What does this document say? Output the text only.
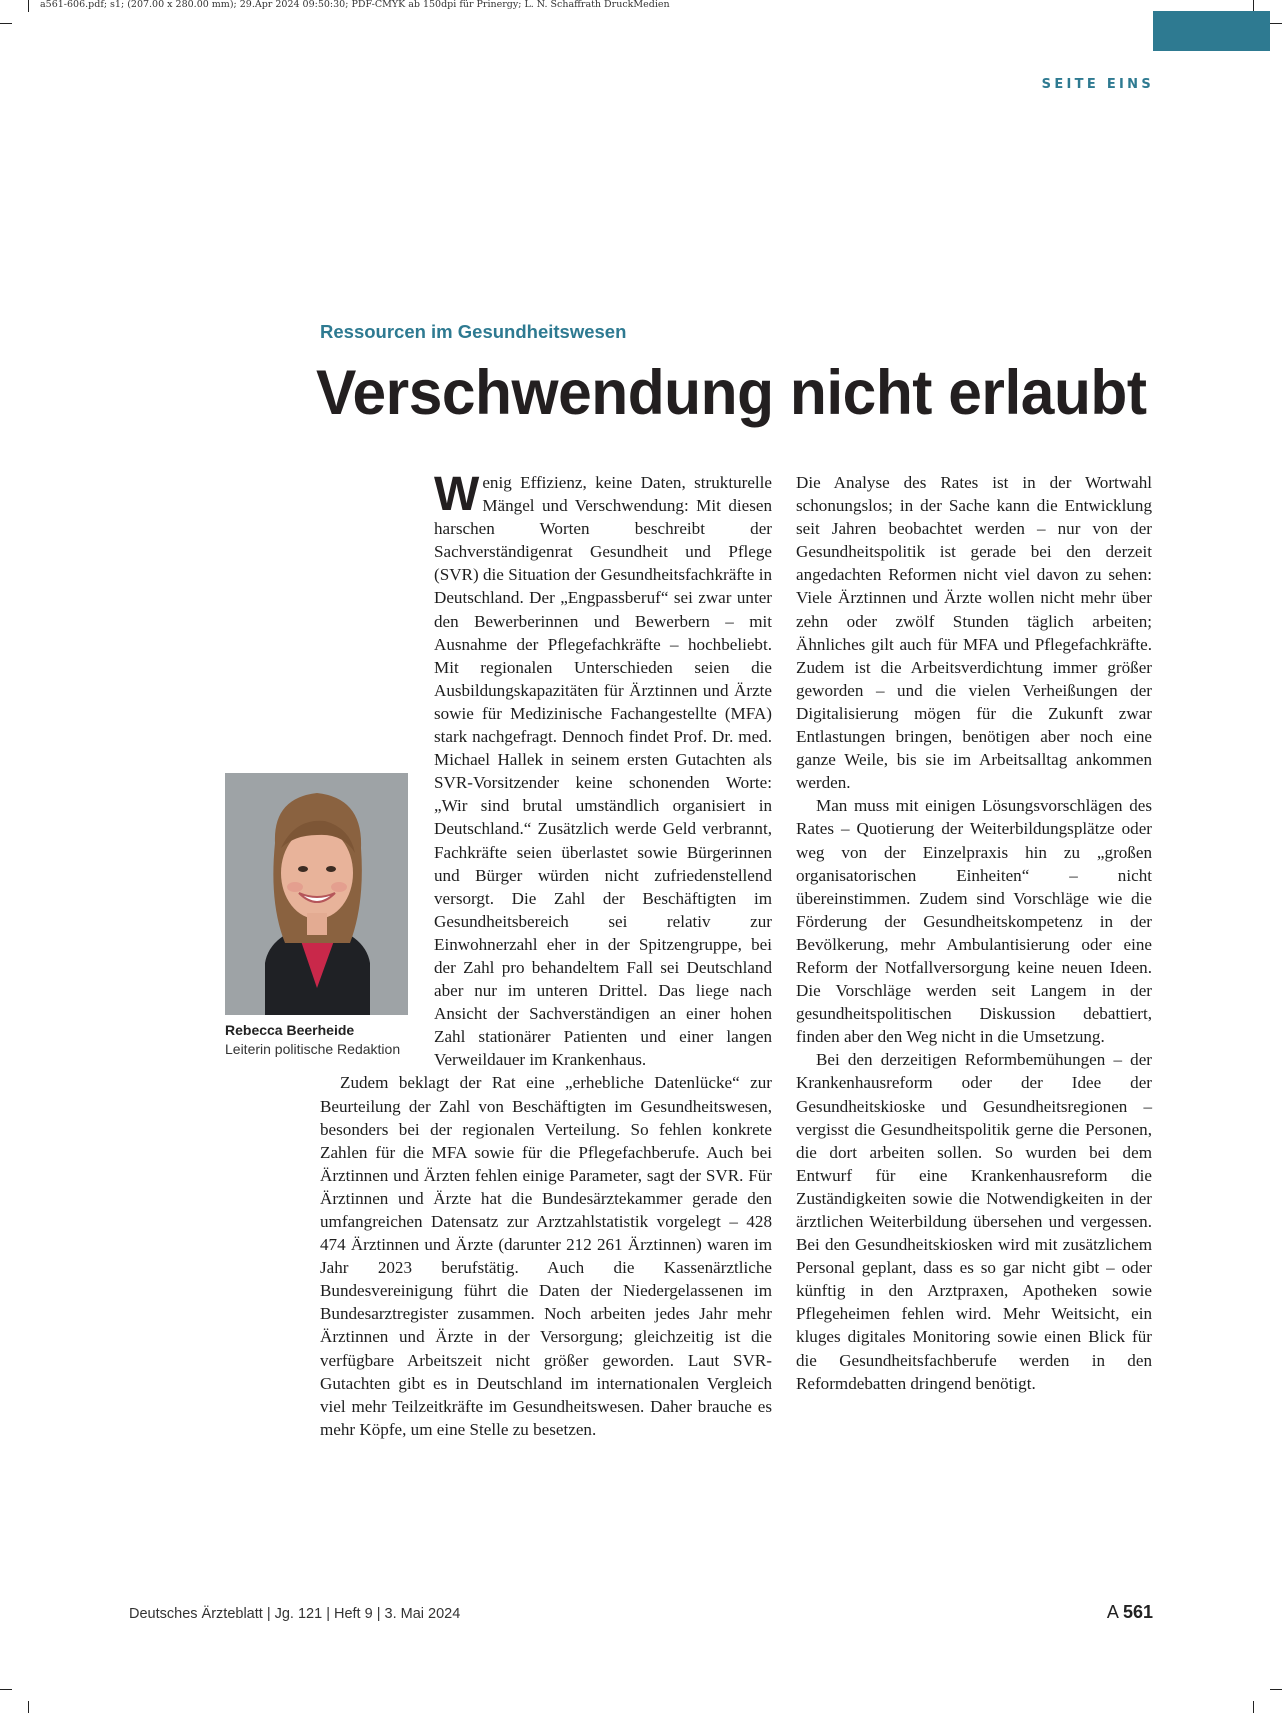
a561-606.pdf; s1; (207.00 x 280.00 mm); 29.Apr 2024 09:50:30; PDF-CMYK ab 150dpi für Prinergy; L. N. Schaffrath DruckMedien
SEITE EINS
Ressourcen im Gesundheitswesen
Verschwendung nicht erlaubt

Wenig Effizienz, keine Daten, strukturelle Mängel und Verschwendung: Mit diesen harschen Worten beschreibt der Sachverständigenrat Gesundheit und Pflege (SVR) die Situation der Gesundheitsfachkräfte in Deutschland. Der „Engpassberuf“ sei zwar unter den Bewerberinnen und Bewerbern – mit Ausnahme der Pflegefachkräfte – hochbeliebt. Mit regionalen Unterschieden seien die Ausbildungskapazitäten für Ärztinnen und Ärzte sowie für Medizinische Fachangestellte (MFA) stark nachgefragt. Dennoch findet Prof. Dr. med. Michael Hallek in seinem ersten Gutachten als SVR-Vorsitzender keine schonenden Worte: „Wir sind brutal umständlich organisiert in Deutschland.“ Zusätzlich werde Geld verbrannt, Fachkräfte seien überlastet sowie Bürgerinnen und Bürger würden nicht zufriedenstellend versorgt. Die Zahl der Beschäftigten im Gesundheitsbereich sei relativ zur Einwohnerzahl eher in der Spitzengruppe, bei der Zahl pro behandeltem Fall sei Deutschland aber nur im unteren Drittel. Das liege nach Ansicht der Sachverständigen an einer hohen Zahl stationärer Patienten und einer langen Verweildauer im Krankenhaus.

Zudem beklagt der Rat eine „erhebliche Datenlücke“ zur Beurteilung der Zahl von Beschäftigten im Gesundheitswesen, besonders bei der regionalen Verteilung. So fehlen konkrete Zahlen für die MFA sowie für die Pflegefachberufe. Auch bei Ärztinnen und Ärzten fehlen einige Parameter, sagt der SVR. Für Ärztinnen und Ärzte hat die Bundesärztekammer gerade den umfangreichen Datensatz zur Arztzahlstatistik vorgelegt – 428 474 Ärztinnen und Ärzte (darunter 212 261 Ärztinnen) waren im Jahr 2023 berufstätig. Auch die Kassenärztliche Bundesvereinigung führt die Daten der Niedergelassenen im Bundesarztregister zusammen. Noch arbeiten jedes Jahr mehr Ärztinnen und Ärzte in der Versorgung; gleichzeitig ist die verfügbare Arbeitszeit nicht größer geworden. Laut SVR-Gutachten gibt es in Deutschland im internationalen Vergleich viel mehr Teilzeitkräfte im Gesundheitswesen. Daher brauche es mehr Köpfe, um eine Stelle zu besetzen.

Die Analyse des Rates ist in der Wortwahl schonungslos; in der Sache kann die Entwicklung seit Jahren beobachtet werden – nur von der Gesundheitspolitik ist gerade bei den derzeit angedachten Reformen nicht viel davon zu sehen: Viele Ärztinnen und Ärzte wollen nicht mehr über zehn oder zwölf Stunden täglich arbeiten; Ähnliches gilt auch für MFA und Pflegefachkräfte. Zudem ist die Arbeitsverdichtung immer größer geworden – und die vielen Verheißungen der Digitalisierung mögen für die Zukunft zwar Entlastungen bringen, benötigen aber noch eine ganze Weile, bis sie im Arbeitsalltag ankommen werden.

Man muss mit einigen Lösungsvorschlägen des Rates – Quotierung der Weiterbildungsplätze oder weg von der Einzelpraxis hin zu „großen organisatorischen Einheiten“ – nicht übereinstimmen. Zudem sind Vorschläge wie die Förderung der Gesundheitskompetenz in der Bevölkerung, mehr Ambulantisierung oder eine Reform der Notfallversorgung keine neuen Ideen. Die Vorschläge werden seit Langem in der gesundheitspolitischen Diskussion debattiert, finden aber den Weg nicht in die Umsetzung.

Bei den derzeitigen Reformbemühungen – der Krankenhausreform oder der Idee der Gesundheitskioske und Gesundheitsregionen – vergisst die Gesundheitspolitik gerne die Personen, die dort arbeiten sollen. So wurden bei dem Entwurf für eine Krankenhausreform die Zuständigkeiten sowie die Notwendigkeiten in der ärztlichen Weiterbildung übersehen und vergessen. Bei den Gesundheitskiosken wird mit zusätzlichem Personal geplant, dass es so gar nicht gibt – oder künftig in den Arztpraxen, Apotheken sowie Pflegeheimen fehlen wird. Mehr Weitsicht, ein kluges digitales Monitoring sowie einen Blick für die Gesundheitsfachberufe werden in den Reformdebatten dringend benötigt.

Rebecca Beerheide
Leiterin politische Redaktion
Deutsches Ärzteblatt | Jg. 121 | Heft 9 | 3. Mai 2024	A 561
